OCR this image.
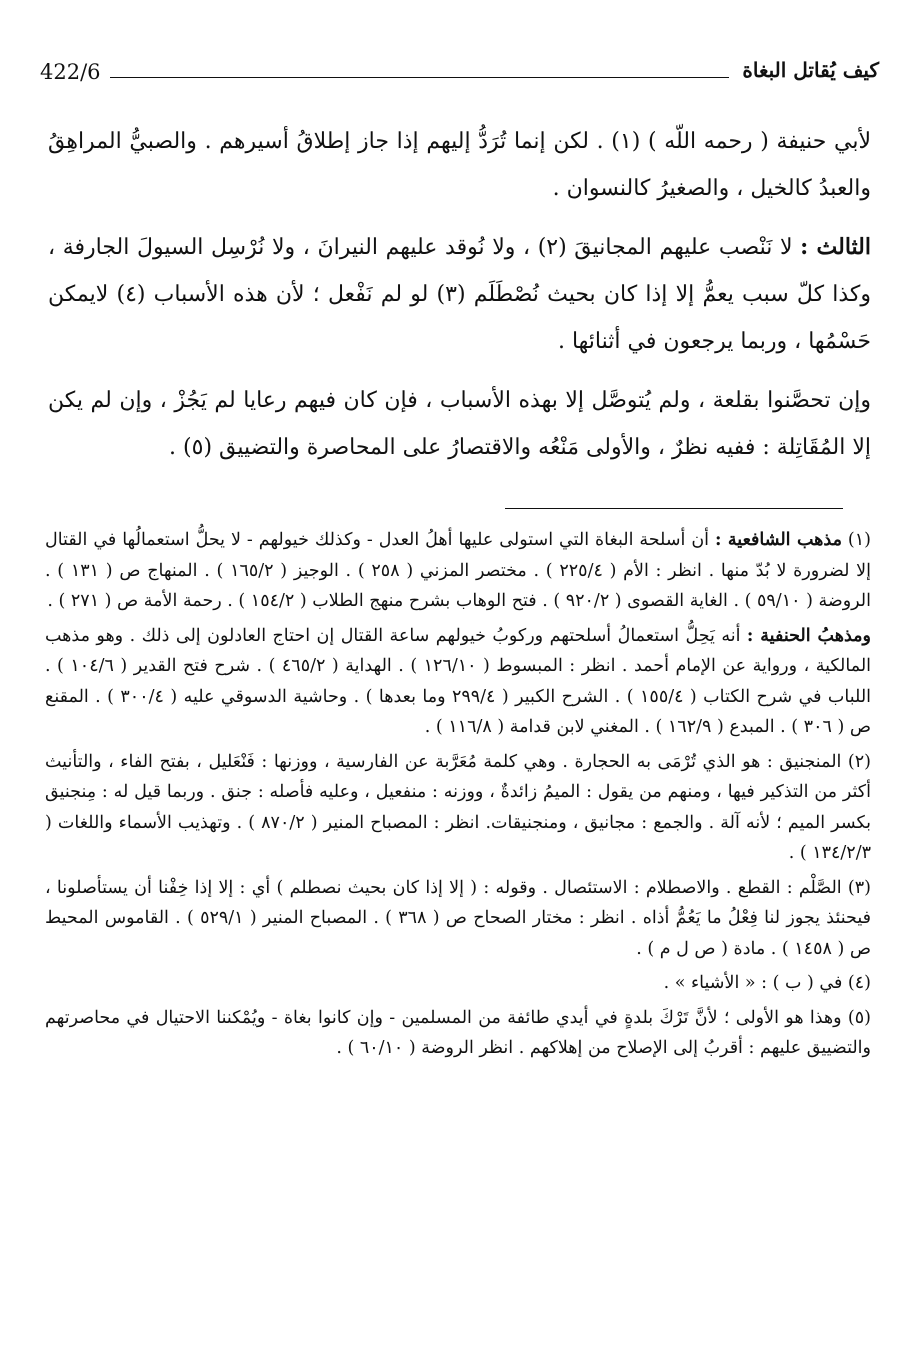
422/6	كيف يُقاتل البغاة

لأبي حنيفة ( رحمه اللّه ) (١) . لكن إنما تُرَدُّ إليهم إذا جاز إطلاقُ أسيرهم . والصبيُّ المراهِقُ والعبدُ كالخيل ، والصغيرُ كالنسوان .

الثالث : لا نَنْصب عليهم المجانيقَ (٢) ، ولا نُوقد عليهم النيرانَ ، ولا نُرْسِل السيولَ الجارفة ، وكذا كلّ سبب يعمُّ إلا إذا كان بحيث نُصْطَلَم (٣) لو لم نَفْعل ؛ لأن هذه الأسباب (٤) لايمكن حَسْمُها ، وربما يرجعون في أثنائها .

وإن تحصَّنوا بقلعة ، ولم يُتوصَّل إلا بهذه الأسباب ، فإن كان فيهم رعايا لم يَجُزْ ، وإن لم يكن إلا المُقَاتِلة : ففيه نظرٌ ، والأولى مَنْعُه والاقتصارُ على المحاصرة والتضييق (٥) .

(١) مذهب الشافعية : أن أسلحة البغاة التي استولى عليها أهلُ العدل - وكذلك خيولهم - لا يحلُّ استعمالُها في القتال إلا لضرورة لا بُدّ منها . انظر : الأم ( ٢٢٥/٤ ) . مختصر المزني ( ٢٥٨ ) . الوجيز ( ١٦٥/٢ ) . المنهاج ص ( ١٣١ ) . الروضة ( ٥٩/١٠ ) . الغاية القصوى ( ٩٢٠/٢ ) . فتح الوهاب بشرح منهج الطلاب ( ١٥٤/٢ ) . رحمة الأمة ص ( ٢٧١ ) .

ومذهبُ الحنفية : أنه يَحِلُّ استعمالُ أسلحتهم وركوبُ خيولهم ساعة القتال إن احتاج العادلون إلى ذلك . وهو مذهب المالكية ، ورواية عن الإمام أحمد . انظر : المبسوط ( ١٢٦/١٠ ) . الهداية ( ٤٦٥/٢ ) . شرح فتح القدير ( ١٠٤/٦ ) . اللباب في شرح الكتاب ( ١٥٥/٤ ) . الشرح الكبير ( ٢٩٩/٤ وما بعدها ) . وحاشية الدسوقي عليه ( ٣٠٠/٤ ) . المقنع ص ( ٣٠٦ ) . المبدع ( ١٦٢/٩ ) . المغني لابن قدامة ( ١١٦/٨ ) .

(٢) المنجنيق : هو الذي تُرْمَى به الحجارة . وهي كلمة مُعَرَّبة عن الفارسية ، ووزنها : فَنْعَليل ، بفتح الفاء ، والتأنيث أكثر من التذكير فيها ، ومنهم من يقول : الميمُ زائدةٌ ، ووزنه : منفعيل ، وعليه فأصله : جنق . وربما قيل له : مِنجنيق بكسر الميم ؛ لأنه آلة . والجمع : مجانيق ، ومنجنيقات. انظر : المصباح المنير ( ٨٧٠/٢ ) . وتهذيب الأسماء واللغات ( ١٣٤/٢/٣ ) .

(٣) الصَّلْم : القطع . والاصطلام : الاستئصال . وقوله : ( إلا إذا كان بحيث نصطلم ) أي : إلا إذا خِفْنا أن يستأصلونا ، فيحنئذ يجوز لنا فِعْلُ ما يَعُمُّ أذاه . انظر : مختار الصحاح ص ( ٣٦٨ ) . المصباح المنير ( ٥٢٩/١ ) . القاموس المحيط ص ( ١٤٥٨ ) . مادة ( ص ل م ) .

(٤) في ( ب ) : « الأشياء » .

(٥) وهذا هو الأولى ؛ لأنَّ تَرْكَ بلدةٍ في أيدي طائفة من المسلمين - وإن كانوا بغاة - ويُمْكننا الاحتيال في محاصرتهم والتضييق عليهم : أقربُ إلى الإصلاح من إهلاكهم . انظر الروضة ( ٦٠/١٠ ) .
